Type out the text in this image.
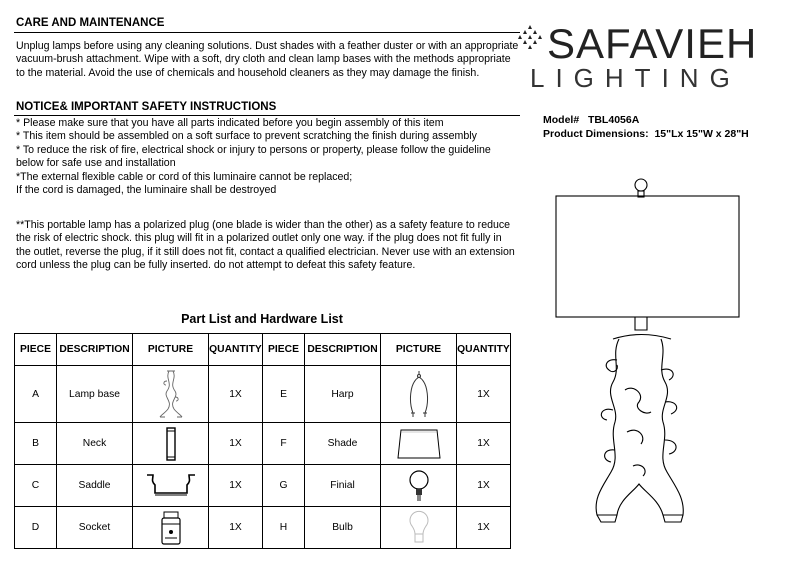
CARE AND MAINTENANCE
Unplug lamps before using any cleaning solutions. Dust shades with a feather duster or with an appropriate
vacuum-brush attachment. Wipe with a soft, dry cloth and clean lamp bases with the methods appropriate
to the material. Avoid the use of chemicals and household cleaners as they may damage the finish.
NOTICE& IMPORTANT SAFETY INSTRUCTIONS
* Please make sure that you have all parts indicated before you begin assembly of this item
* This item should be assembled on a soft surface to prevent scratching the finish during assembly
* To reduce the risk of fire, electrical shock or injury to persons or property, please follow the guideline
below for safe use and installation
*The external flexible cable or cord of this luminaire cannot be replaced;
If the cord is damaged, the luminaire shall be destroyed
**This portable lamp has a polarized plug (one blade is wider than the other) as a safety feature to reduce
the risk of electric shock. this plug will fit in a polarized outlet only one way. if the plug does not fit fully in
the outlet, reverse the plug, if it still does not fit, contact a qualified electrician. Never use with an extension
cord unless the plug can be fully inserted. do not attempt to defeat this safety feature.
SAFAVIEH
LIGHTING
Model# TBL4056A
Product Dimensions: 15"Lx 15"W x 28"H
Part List and Hardware List
PIECE	DESCRIPTION	PICTURE	QUANTITY	PIECE	DESCRIPTION	PICTURE	QUANTITY
A	Lamp base		1X	E	Harp		1X
B	Neck		1X	F	Shade		1X
C	Saddle		1X	G	Finial		1X
D	Socket		1X	H	Bulb		1X
